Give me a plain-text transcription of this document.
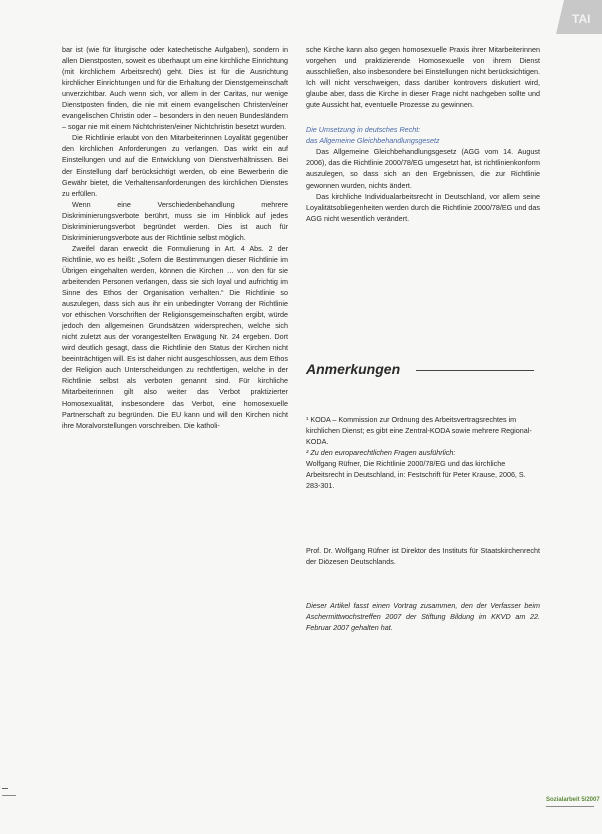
TAI

bar ist (wie für liturgische oder katechetische Aufgaben), sondern in allen Dienstposten, soweit es überhaupt um eine kirchliche Einrichtung (mit kirchlichem Arbeitsrecht) geht. Dies ist für die Ausrichtung kirchlicher Einrichtungen und für die Erhaltung der Dienstgemeinschaft unverzichtbar. Auch wenn sich, vor allem in der Caritas, nur wenige Dienstposten finden, die nie mit einem evangelischen Christen/einer evangelischen Christin oder – besonders in den neuen Bundesländern – sogar nie mit einem Nichtchristen/einer Nichtchristin besetzt wurden.

Die Richtlinie erlaubt von den Mitarbeiterinnen Loyalität gegenüber den kirchlichen Anforderungen zu verlangen. Das wirkt ein auf Einstellungen und auf die Entwicklung von Dienstverhältnissen. Bei der Einstellung darf berücksichtigt werden, ob eine Bewerberin die Gewähr bietet, die Verhaltensanforderungen des kirchlichen Dienstes zu erfüllen.

Wenn eine Verschiedenbehandlung mehrere Diskriminierungsverbote berührt, muss sie im Hinblick auf jedes Diskriminierungsverbot begründet werden. Dies ist auch für Diskriminierungsverbote aus der Richtlinie selbst möglich.

Zweifel daran erweckt die Formulierung in Art. 4 Abs. 2 der Richtlinie, wo es heißt: „Sofern die Bestimmungen dieser Richtlinie im Übrigen eingehalten werden, können die Kirchen … von den für sie arbeitenden Personen verlangen, dass sie sich loyal und aufrichtig im Sinne des Ethos der Organisation verhalten.“ Die Richtlinie so auszulegen, dass sich aus ihr ein unbedingter Vorrang der Richtlinie vor ethischen Vorschriften der Religionsgemeinschaften ergibt, würde jedoch den allgemeinen Grundsätzen widersprechen, welche sich nicht zuletzt aus der vorangestellten Erwägung Nr. 24 ergeben. Dort wird deutlich gesagt, dass die Richtlinie den Status der Kirchen nicht beeinträchtigen will. Es ist daher nicht ausgeschlossen, aus dem Ethos der Religion auch Unterscheidungen zu rechtfertigen, welche in der Richtlinie selbst als verboten genannt sind. Für kirchliche Mitarbeiterinnen gilt also weiter das Verbot praktizierter Homosexualität, insbesondere das Verbot, eine homosexuelle Partnerschaft zu begründen. Die EU kann und will den Kirchen nicht ihre Moralvorstellungen vorschreiben. Die katholi-

sche Kirche kann also gegen homosexuelle Praxis ihrer Mitarbeiterinnen vorgehen und praktizierende Homosexuelle von ihrem Dienst ausschließen, also insbesondere bei Einstellungen nicht berücksichtigen. Ich will nicht verschweigen, dass darüber kontrovers diskutiert wird, glaube aber, dass die Kirche in dieser Frage nicht nachgeben sollte und gute Aussicht hat, eventuelle Prozesse zu gewinnen.

Die Umsetzung in deutsches Recht:
das Allgemeine Gleichbehandlungsgesetz

Das Allgemeine Gleichbehandlungsgesetz (AGG vom 14. August 2006), das die Richtlinie 2000/78/EG umgesetzt hat, ist richtlinienkonform auszulegen, so dass sich an den Ergebnissen, die zur Richtlinie gewonnen wurden, nichts ändert.

Das kirchliche Individualarbeitsrecht in Deutschland, vor allem seine Loyalitätsobliegenheiten werden durch die Richtlinie 2000/78/EG und das AGG nicht wesentlich verändert.

Anmerkungen

¹ KODA – Kommission zur Ordnung des Arbeitsvertragsrechtes im kirchlichen Dienst; es gibt eine Zentral-KODA sowie mehrere Regional-KODA.

² Zu den europarechtlichen Fragen ausführlich:

Wolfgang Rüfner, Die Richtlinie 2000/78/EG und das kirchliche Arbeitsrecht in Deutschland, in: Festschrift für Peter Krause, 2006, S. 283-301.

Prof. Dr. Wolfgang Rüfner ist Direktor des Instituts für Staatskirchenrecht der Diözesen Deutschlands.
Dieser Artikel fasst einen Vortrag zusammen, den der Verfasser beim Aschermittwochstreffen 2007 der Stiftung Bildung im KKVD am 22. Februar 2007 gehalten hat.
Sozialarbeit 5/2007
